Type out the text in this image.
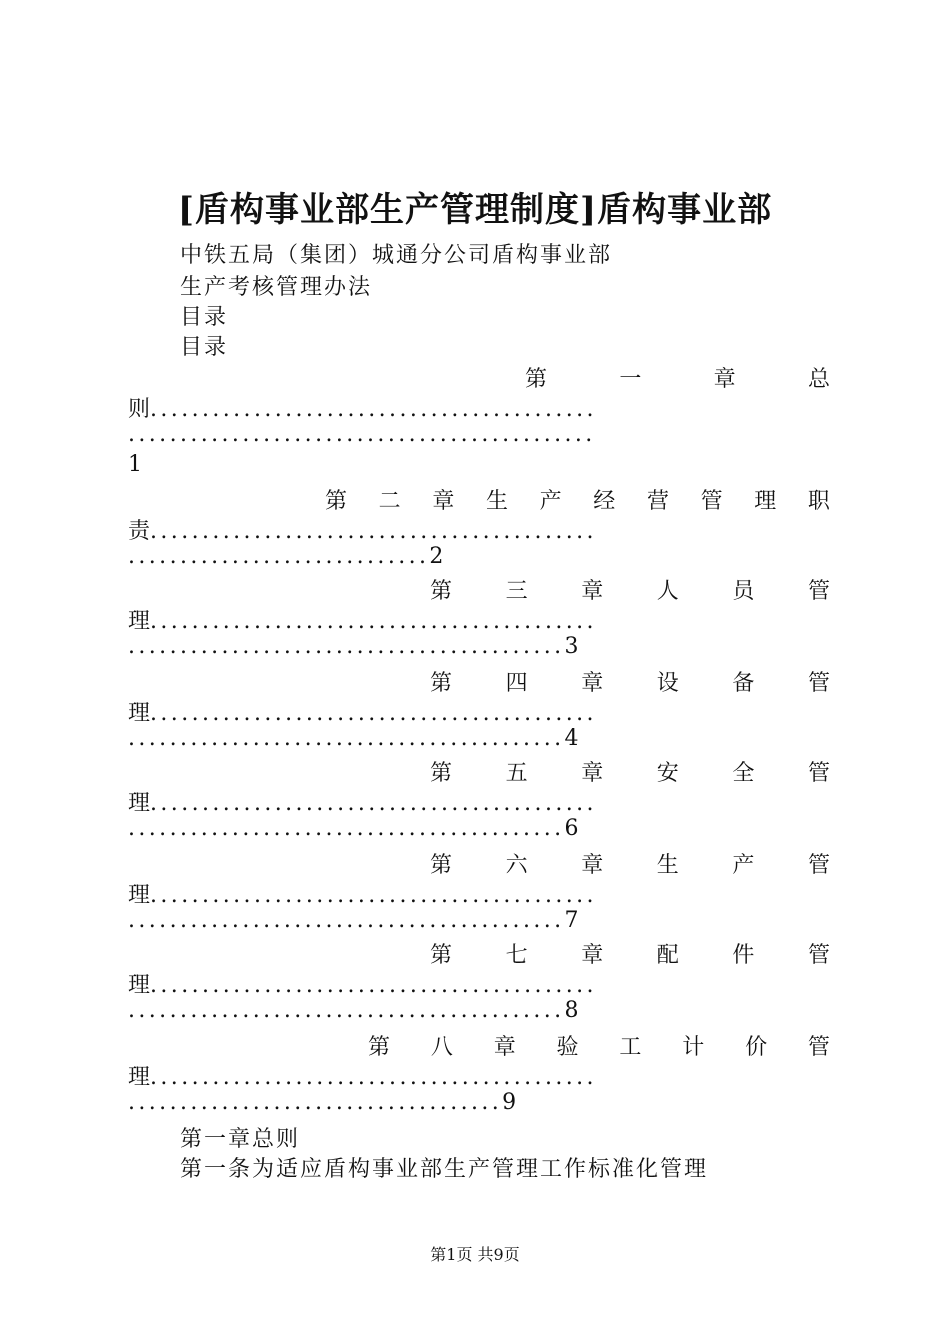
[盾构事业部生产管理制度]盾构事业部
中铁五局（集团）城通分公司盾构事业部
生产考核管理办法
目录
目录
第	一	章	总
则...........................................
.............................................
1
第 二 章 生 产 经 营 管 理 职
责...........................................
.............................2
第 三 章 人 员 管
理...........................................
..........................................3
第 四 章 设 备 管
理...........................................
..........................................4
第 五 章 安 全 管
理...........................................
..........................................6
第 六 章 生 产 管
理...........................................
..........................................7
第 七 章 配 件 管
理...........................................
..........................................8
第 八 章 验 工 计 价 管
理...........................................
....................................9
第一章总则
第一条为适应盾构事业部生产管理工作标准化管理
第1页 共9页
